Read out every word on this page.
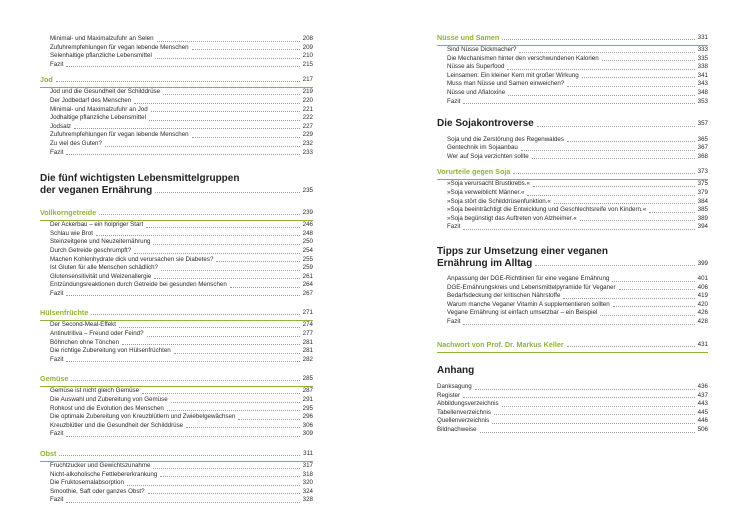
Minimal- und Maximalzufuhr an Selen	208
Zufuhrempfehlungen für vegan lebende Menschen	209
Selenhaltige pflanzliche Lebensmittel	210
Fazit	215
Jod	217
Jod und die Gesundheit der Schilddrüse	219
Der Jodbedarf des Menschen	220
Minimal- und Maximalzufuhr an Jod	221
Jodhaltige pflanzliche Lebensmittel	222
Jodsalz	227
Zufuhrempfehlungen für vegan lebende Menschen	229
Zu viel des Guten?	232
Fazit	233
Die fünf wichtigsten Lebensmittelgruppen
der veganen Ernährung	235
Vollkorngetreide	239
Der Ackerbau – ein holpriger Start	246
Schlau wie Brot	248
Steinzeitgene und Neuzeiternährung	250
Durch Getreide geschrumpft?	254
Machen Kohlenhydrate dick und verursachen sie Diabetes?	255
Ist Gluten für alle Menschen schädlich?	259
Glutensensitivität und Weizenallergie	261
Entzündungsreaktionen durch Getreide bei gesunden Menschen	264
Fazit	267
Hülsenfrüchte	271
Der Second-Meal-Effekt	274
Antinutritiva – Freund oder Feind?	277
Böhnchen ohne Tönchen	281
Die richtige Zubereitung von Hülsenfrüchten	281
Fazit	282
Gemüse	285
Gemüse ist nicht gleich Gemüse	287
Die Auswahl und Zubereitung von Gemüse	291
Rohkost und die Evolution des Menschen	295
Die optimale Zubereitung von Kreuzblütlern und Zwiebelgewächsen	296
Kreuzblütler und die Gesundheit der Schilddrüse	306
Fazit	309
Obst	311
Fruchtzucker und Gewichtszunahme	317
Nicht-alkoholische Fettlebererkrankung	318
Die Fruktosemalabsorption	320
Smoothie, Saft oder ganzes Obst?	324
Fazit	328
Nüsse und Samen	331
Sind Nüsse Dickmacher?	333
Die Mechanismen hinter den verschwundenen Kalorien	335
Nüsse als Superfood	338
Leinsamen: Ein kleiner Kern mit großer Wirkung	341
Muss man Nüsse und Samen einweichen?	343
Nüsse und Aflatoxine	348
Fazit	353
Die Sojakontroverse	357
Soja und die Zerstörung des Regenwaldes	365
Gentechnik im Sojaanbau	367
Wer auf Soja verzichten sollte	368
Vorurteile gegen Soja	373
»Soja verursacht Brustkrebs.«	375
»Soja verweiblicht Männer.«	379
»Soja stört die Schilddrüsenfunktion.«	384
»Soja beeinträchtigt die Entwicklung und Geschlechtsreife von Kindern.«	385
»Soja begünstigt das Auftreten von Alzheimer.«	389
Fazit	394
Tipps zur Umsetzung einer veganen
Ernährung im Alltag	399
Anpassung der DGE-Richtlinien für eine vegane Ernährung	401
DGE-Ernährungskreis und Lebensmittelpyramide für Veganer	406
Bedarfsdeckung der kritischen Nährstoffe	419
Warum manche Veganer Vitamin A supplementieren sollten	420
Vegane Ernährung ist einfach umsetzbar – ein Beispiel	426
Fazit	428
Nachwort von Prof. Dr. Markus Keller	431
Anhang
Danksagung	436
Register	437
Abbildungsverzeichnis	443
Tabellenverzeichnis	445
Quellenverzeichnis	446
Bildnachweise	506
